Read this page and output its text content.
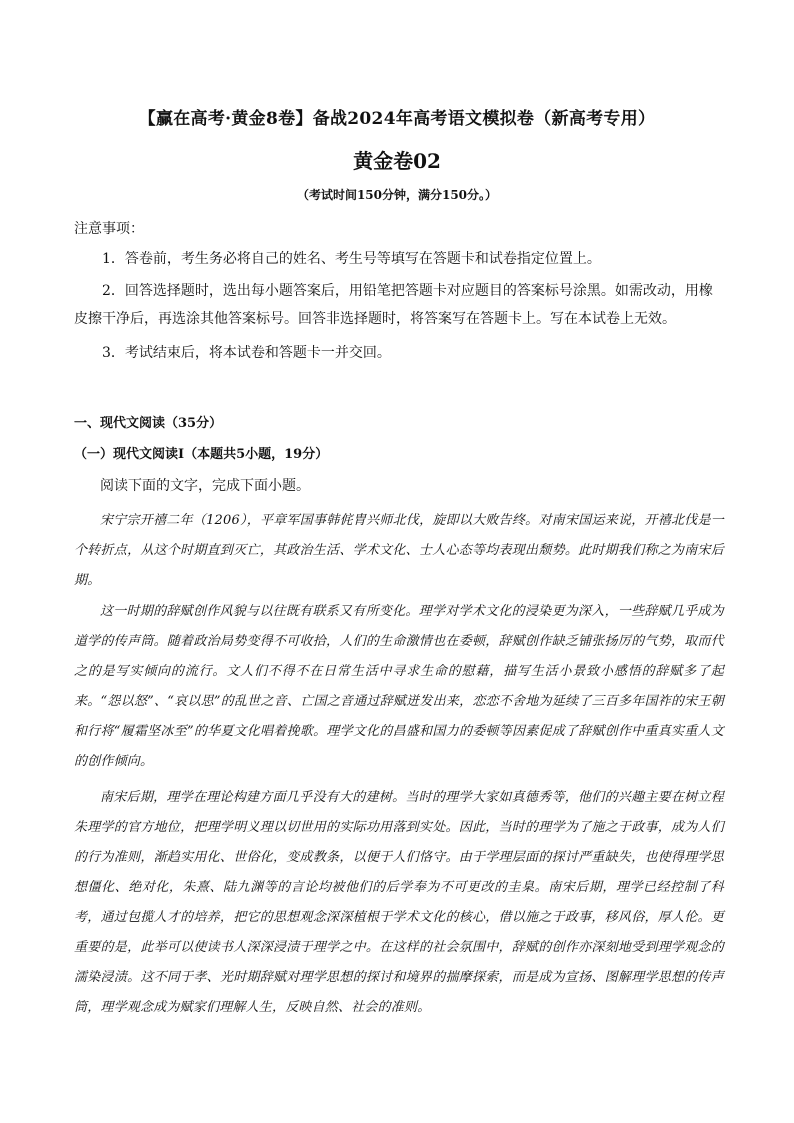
【赢在高考·黄金8卷】备战2024年高考语文模拟卷（新高考专用）
黄金卷02

（考试时间150分钟，满分150分。）

注意事项：

1．答卷前，考生务必将自己的姓名、考生号等填写在答题卡和试卷指定位置上。

2．回答选择题时，选出每小题答案后，用铅笔把答题卡对应题目的答案标号涂黑。如需改动，用橡皮擦干净后，再选涂其他答案标号。回答非选择题时，将答案写在答题卡上。写在本试卷上无效。

3．考试结束后，将本试卷和答题卡一并交回。

一、现代文阅读（35分）

（一）现代文阅读Ⅰ（本题共5小题，19分）

阅读下面的文字，完成下面小题。

宋宁宗开禧二年（1206），平章军国事韩侂胄兴师北伐，旋即以大败告终。对南宋国运来说，开禧北伐是一个转折点，从这个时期直到灭亡，其政治生活、学术文化、士人心态等均表现出颓势。此时期我们称之为南宋后期。

这一时期的辞赋创作风貌与以往既有联系又有所变化。理学对学术文化的浸染更为深入，一些辞赋几乎成为道学的传声筒。随着政治局势变得不可收拾，人们的生命激情也在委顿，辞赋创作缺乏铺张扬厉的气势，取而代之的是写实倾向的流行。文人们不得不在日常生活中寻求生命的慰藉，描写生活小景致小感悟的辞赋多了起来。“怨以怒”、“哀以思”的乱世之音、亡国之音通过辞赋迸发出来，恋恋不舍地为延续了三百多年国祚的宋王朝和行将“履霜坚冰至”的华夏文化唱着挽歌。理学文化的昌盛和国力的委顿等因素促成了辞赋创作中重真实重人文的创作倾向。

南宋后期，理学在理论构建方面几乎没有大的建树。当时的理学大家如真德秀等，他们的兴趣主要在树立程朱理学的官方地位，把理学明义理以切世用的实际功用落到实处。因此，当时的理学为了施之于政事，成为人们的行为准则，渐趋实用化、世俗化，变成教条，以便于人们恪守。由于学理层面的探讨严重缺失，也使得理学思想僵化、绝对化，朱熹、陆九渊等的言论均被他们的后学奉为不可更改的圭臬。南宋后期，理学已经控制了科考，通过包揽人才的培养，把它的思想观念深深植根于学术文化的核心，借以施之于政事，移风俗，厚人伦。更重要的是，此举可以使读书人深深浸渍于理学之中。在这样的社会氛围中，辞赋的创作亦深刻地受到理学观念的濡染浸渍。这不同于孝、光时期辞赋对理学思想的探讨和境界的揣摩探索，而是成为宣扬、图解理学思想的传声筒，理学观念成为赋家们理解人生，反映自然、社会的准则。
